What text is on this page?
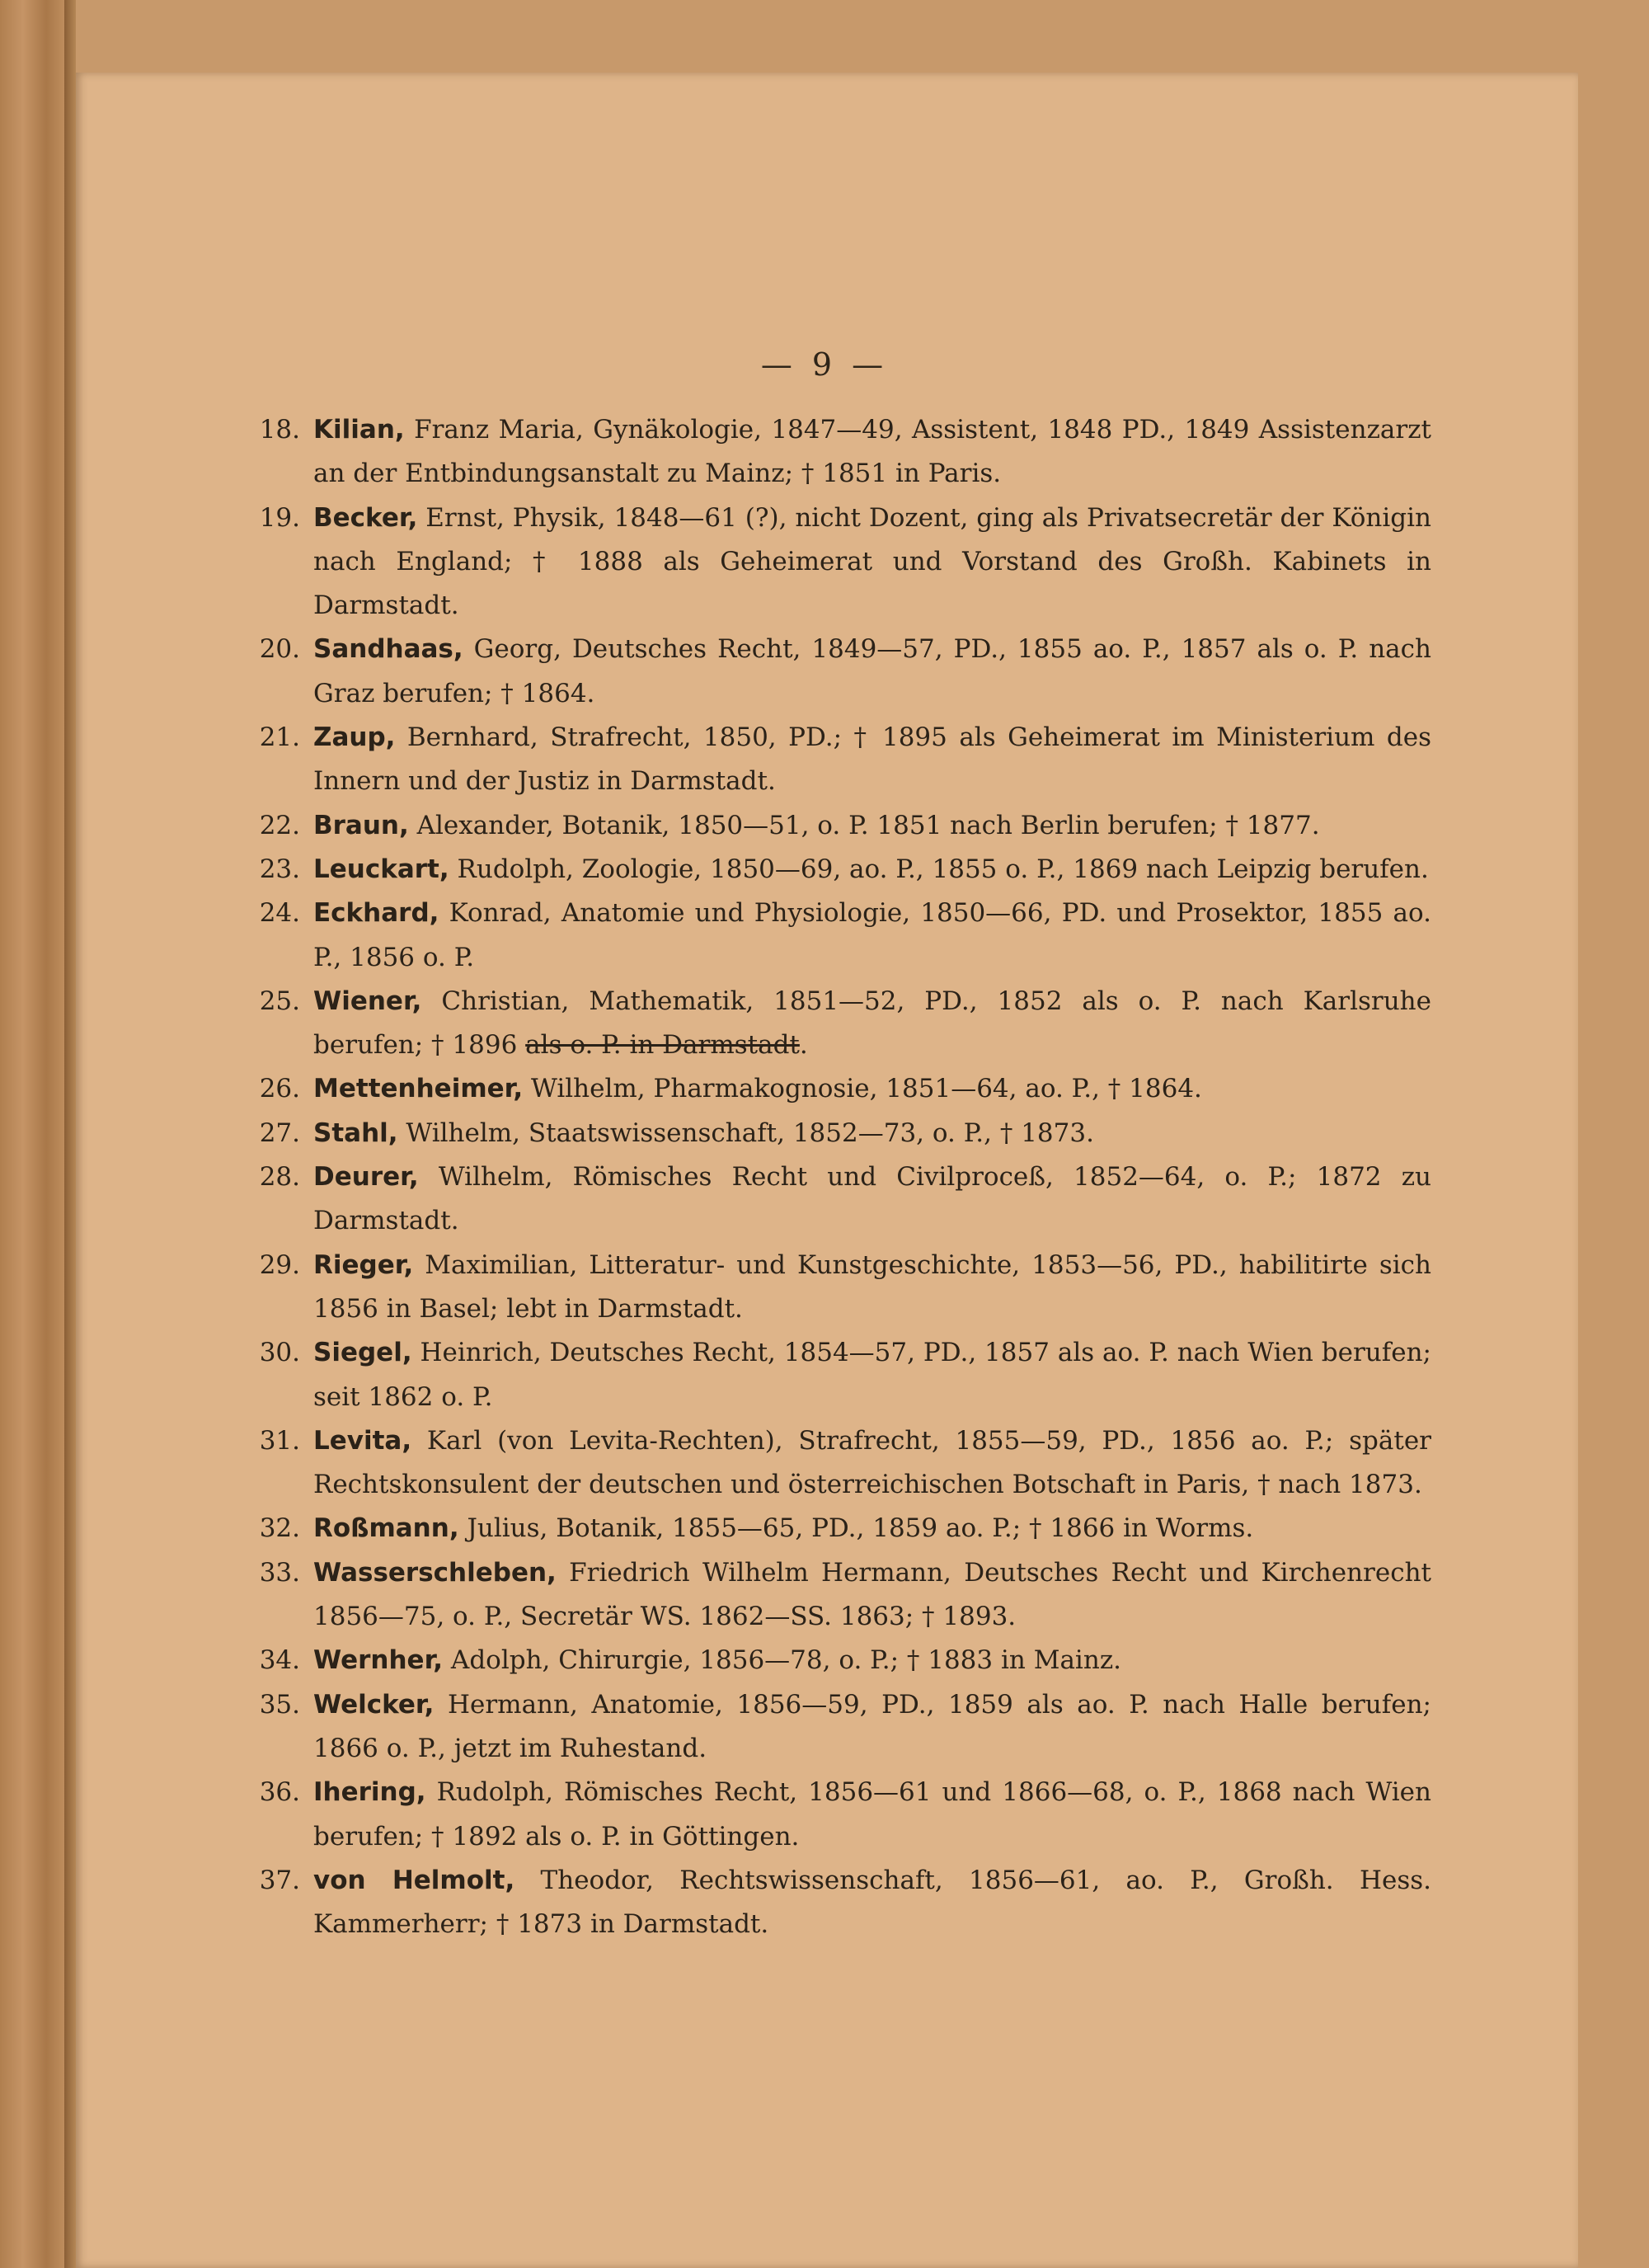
— 9 —

18. Kilian, Franz Maria, Gynäkologie, 1847—49, Assistent, 1848 PD., 1849 Assistenzarzt an der Entbindungsanstalt zu Mainz; † 1851 in Paris.

19. Becker, Ernst, Physik, 1848—61 (?), nicht Dozent, ging als Privatsecretär der Königin nach England; † 1888 als Geheimerat und Vorstand des Großh. Kabinets in Darmstadt.

20. Sandhaas, Georg, Deutsches Recht, 1849—57, PD., 1855 ao. P., 1857 als o. P. nach Graz berufen; † 1864.

21. Zaup, Bernhard, Strafrecht, 1850, PD.; † 1895 als Geheimerat im Ministerium des Innern und der Justiz in Darmstadt.

22. Braun, Alexander, Botanik, 1850—51, o. P. 1851 nach Berlin berufen; † 1877.

23. Leuckart, Rudolph, Zoologie, 1850—69, ao. P., 1855 o. P., 1869 nach Leipzig berufen.

24. Eckhard, Konrad, Anatomie und Physiologie, 1850—66, PD. und Prosektor, 1855 ao. P., 1856 o. P.

25. Wiener, Christian, Mathematik, 1851—52, PD., 1852 als o. P. nach Karlsruhe berufen; † 1896 als o. P. in Darmstadt.

26. Mettenheimer, Wilhelm, Pharmakognosie, 1851—64, ao. P., † 1864.

27. Stahl, Wilhelm, Staatswissenschaft, 1852—73, o. P., † 1873.

28. Deurer, Wilhelm, Römisches Recht und Civilproceß, 1852—64, o. P.; 1872 zu Darmstadt.

29. Rieger, Maximilian, Litteratur- und Kunstgeschichte, 1853—56, PD., habilitirte sich 1856 in Basel; lebt in Darmstadt.

30. Siegel, Heinrich, Deutsches Recht, 1854—57, PD., 1857 als ao. P. nach Wien berufen; seit 1862 o. P.

31. Levita, Karl (von Levita-Rechten), Strafrecht, 1855—59, PD., 1856 ao. P.; später Rechtskonsulent der deutschen und österreichischen Botschaft in Paris, † nach 1873.

32. Roßmann, Julius, Botanik, 1855—65, PD., 1859 ao. P.; † 1866 in Worms.

33. Wasserschleben, Friedrich Wilhelm Hermann, Deutsches Recht und Kirchenrecht 1856—75, o. P., Secretär WS. 1862—SS. 1863; † 1893.

34. Wernher, Adolph, Chirurgie, 1856—78, o. P.; † 1883 in Mainz.

35. Welcker, Hermann, Anatomie, 1856—59, PD., 1859 als ao. P. nach Halle berufen; 1866 o. P., jetzt im Ruhestand.

36. Ihering, Rudolph, Römisches Recht, 1856—61 und 1866—68, o. P., 1868 nach Wien berufen; † 1892 als o. P. in Göttingen.

37. von Helmolt, Theodor, Rechtswissenschaft, 1856—61, ao. P., Großh. Hess. Kammerherr; † 1873 in Darmstadt.
